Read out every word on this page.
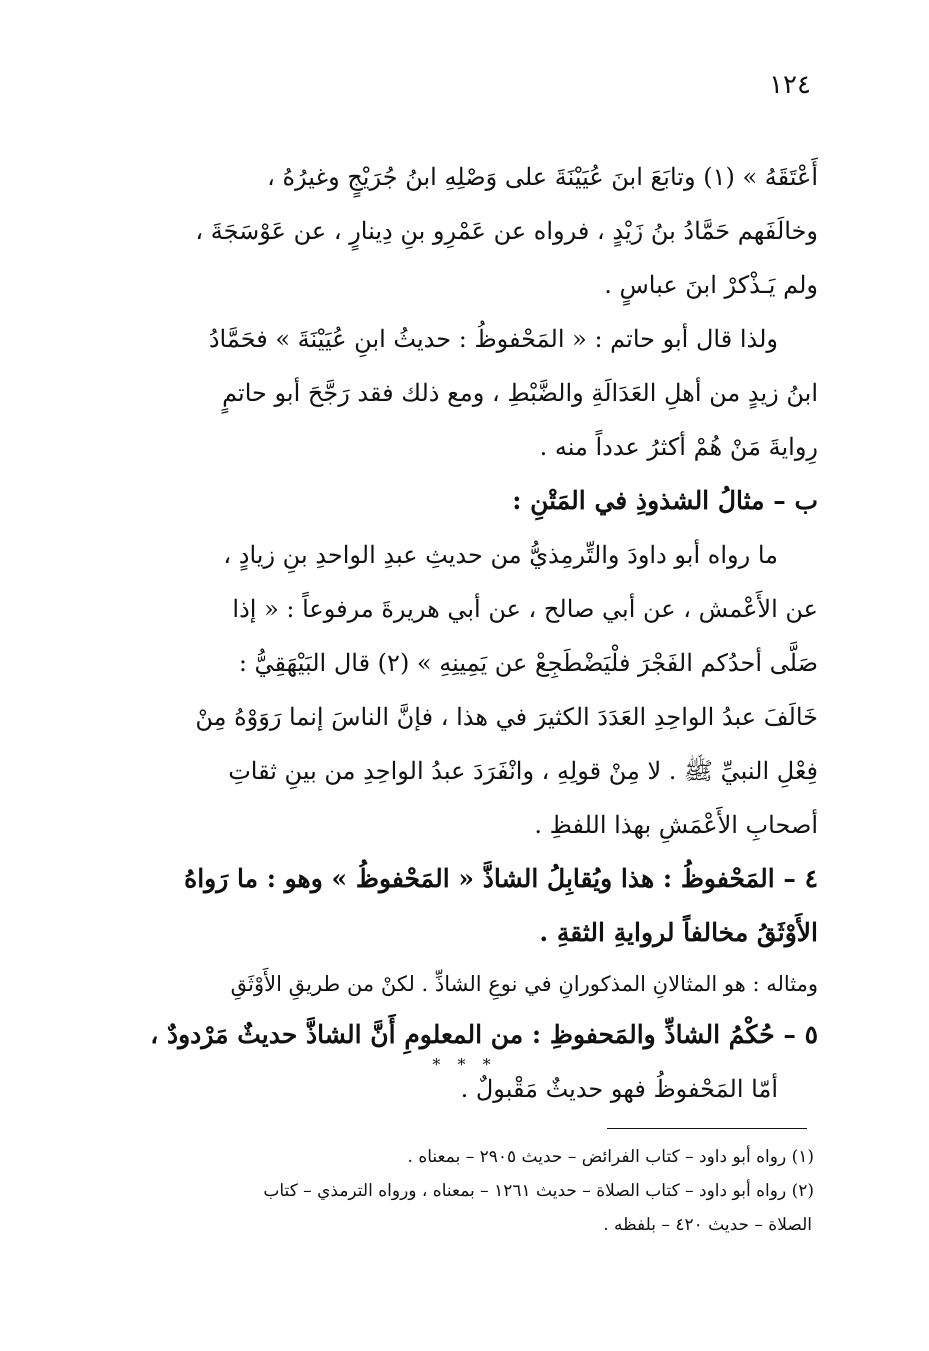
١٢٤
أَعْتَقَهُ » (١) وتابَعَ ابنَ عُيَيْنَةَ على وَصْلِهِ ابنُ جُرَيْجٍ وغيرُهُ ،
وخالَفَهم حَمَّادُ بنُ زَيْدٍ ، فرواه عن عَمْرِو بنِ دِينارٍ ، عن عَوْسَجَةَ ،
ولم يَـذْكرْ ابنَ عباسٍ .
ولذا قال أبو حاتم : « المَحْفوظُ : حديثُ ابنِ عُيَيْنَةَ » فحَمَّادُ
ابنُ زيدٍ من أهلِ العَدَالَةِ والضَّبْطِ ، ومع ذلك فقد رَجَّحَ أبو حاتمٍ
رِوايةَ مَنْ هُمْ أكثرُ عدداً منه .
ب – مثالُ الشذوذِ في المَتْنِ :
ما رواه أبو داودَ والتِّرمِذيُّ من حديثِ عبدِ الواحدِ بنِ زيادٍ ،
عن الأَعْمش ، عن أبي صالح ، عن أبي هريرةَ مرفوعاً : « إذا
صَلَّى أحدُكم الفَجْرَ فلْيَضْطَجِعْ عن يَمِينِهِ » (٢) قال البَيْهَقِيُّ :
خَالَفَ عبدُ الواحِدِ العَدَدَ الكثيرَ في هذا ، فإنَّ الناسَ إنما رَوَوْهُ مِنْ
فِعْلِ النبيِّ ﷺ . لا مِنْ قولِهِ ، وانْفَرَدَ عبدُ الواحِدِ من بينِ ثقاتِ
أصحابِ الأَعْمَشِ بهذا اللفظِ .
٤ – المَحْفوظُ : هذا ويُقابِلُ الشاذَّ « المَحْفوظُ » وهو : ما رَواهُ
الأَوْثَقُ مخالفاً لروايةِ الثقةِ .
ومثاله : هو المثالانِ المذكورانِ في نوعِ الشاذِّ . لكنْ من طريقِ الأَوْثَقِ
٥ – حُكْمُ الشاذِّ والمَحفوظِ : من المعلومِ أَنَّ الشاذَّ حديثٌ مَرْدودٌ ،
أمّا المَحْفوظُ فهو حديثٌ مَقْبولٌ .
* * *
(١) رواه أبو داود – كتاب الفرائض – حديث ٢٩٠٥ – بمعناه .
(٢) رواه أبو داود – كتاب الصلاة – حديث ١٢٦١ – بمعناه ، ورواه الترمذي – كتاب
الصلاة – حديث ٤٢٠ – بلفظه .
